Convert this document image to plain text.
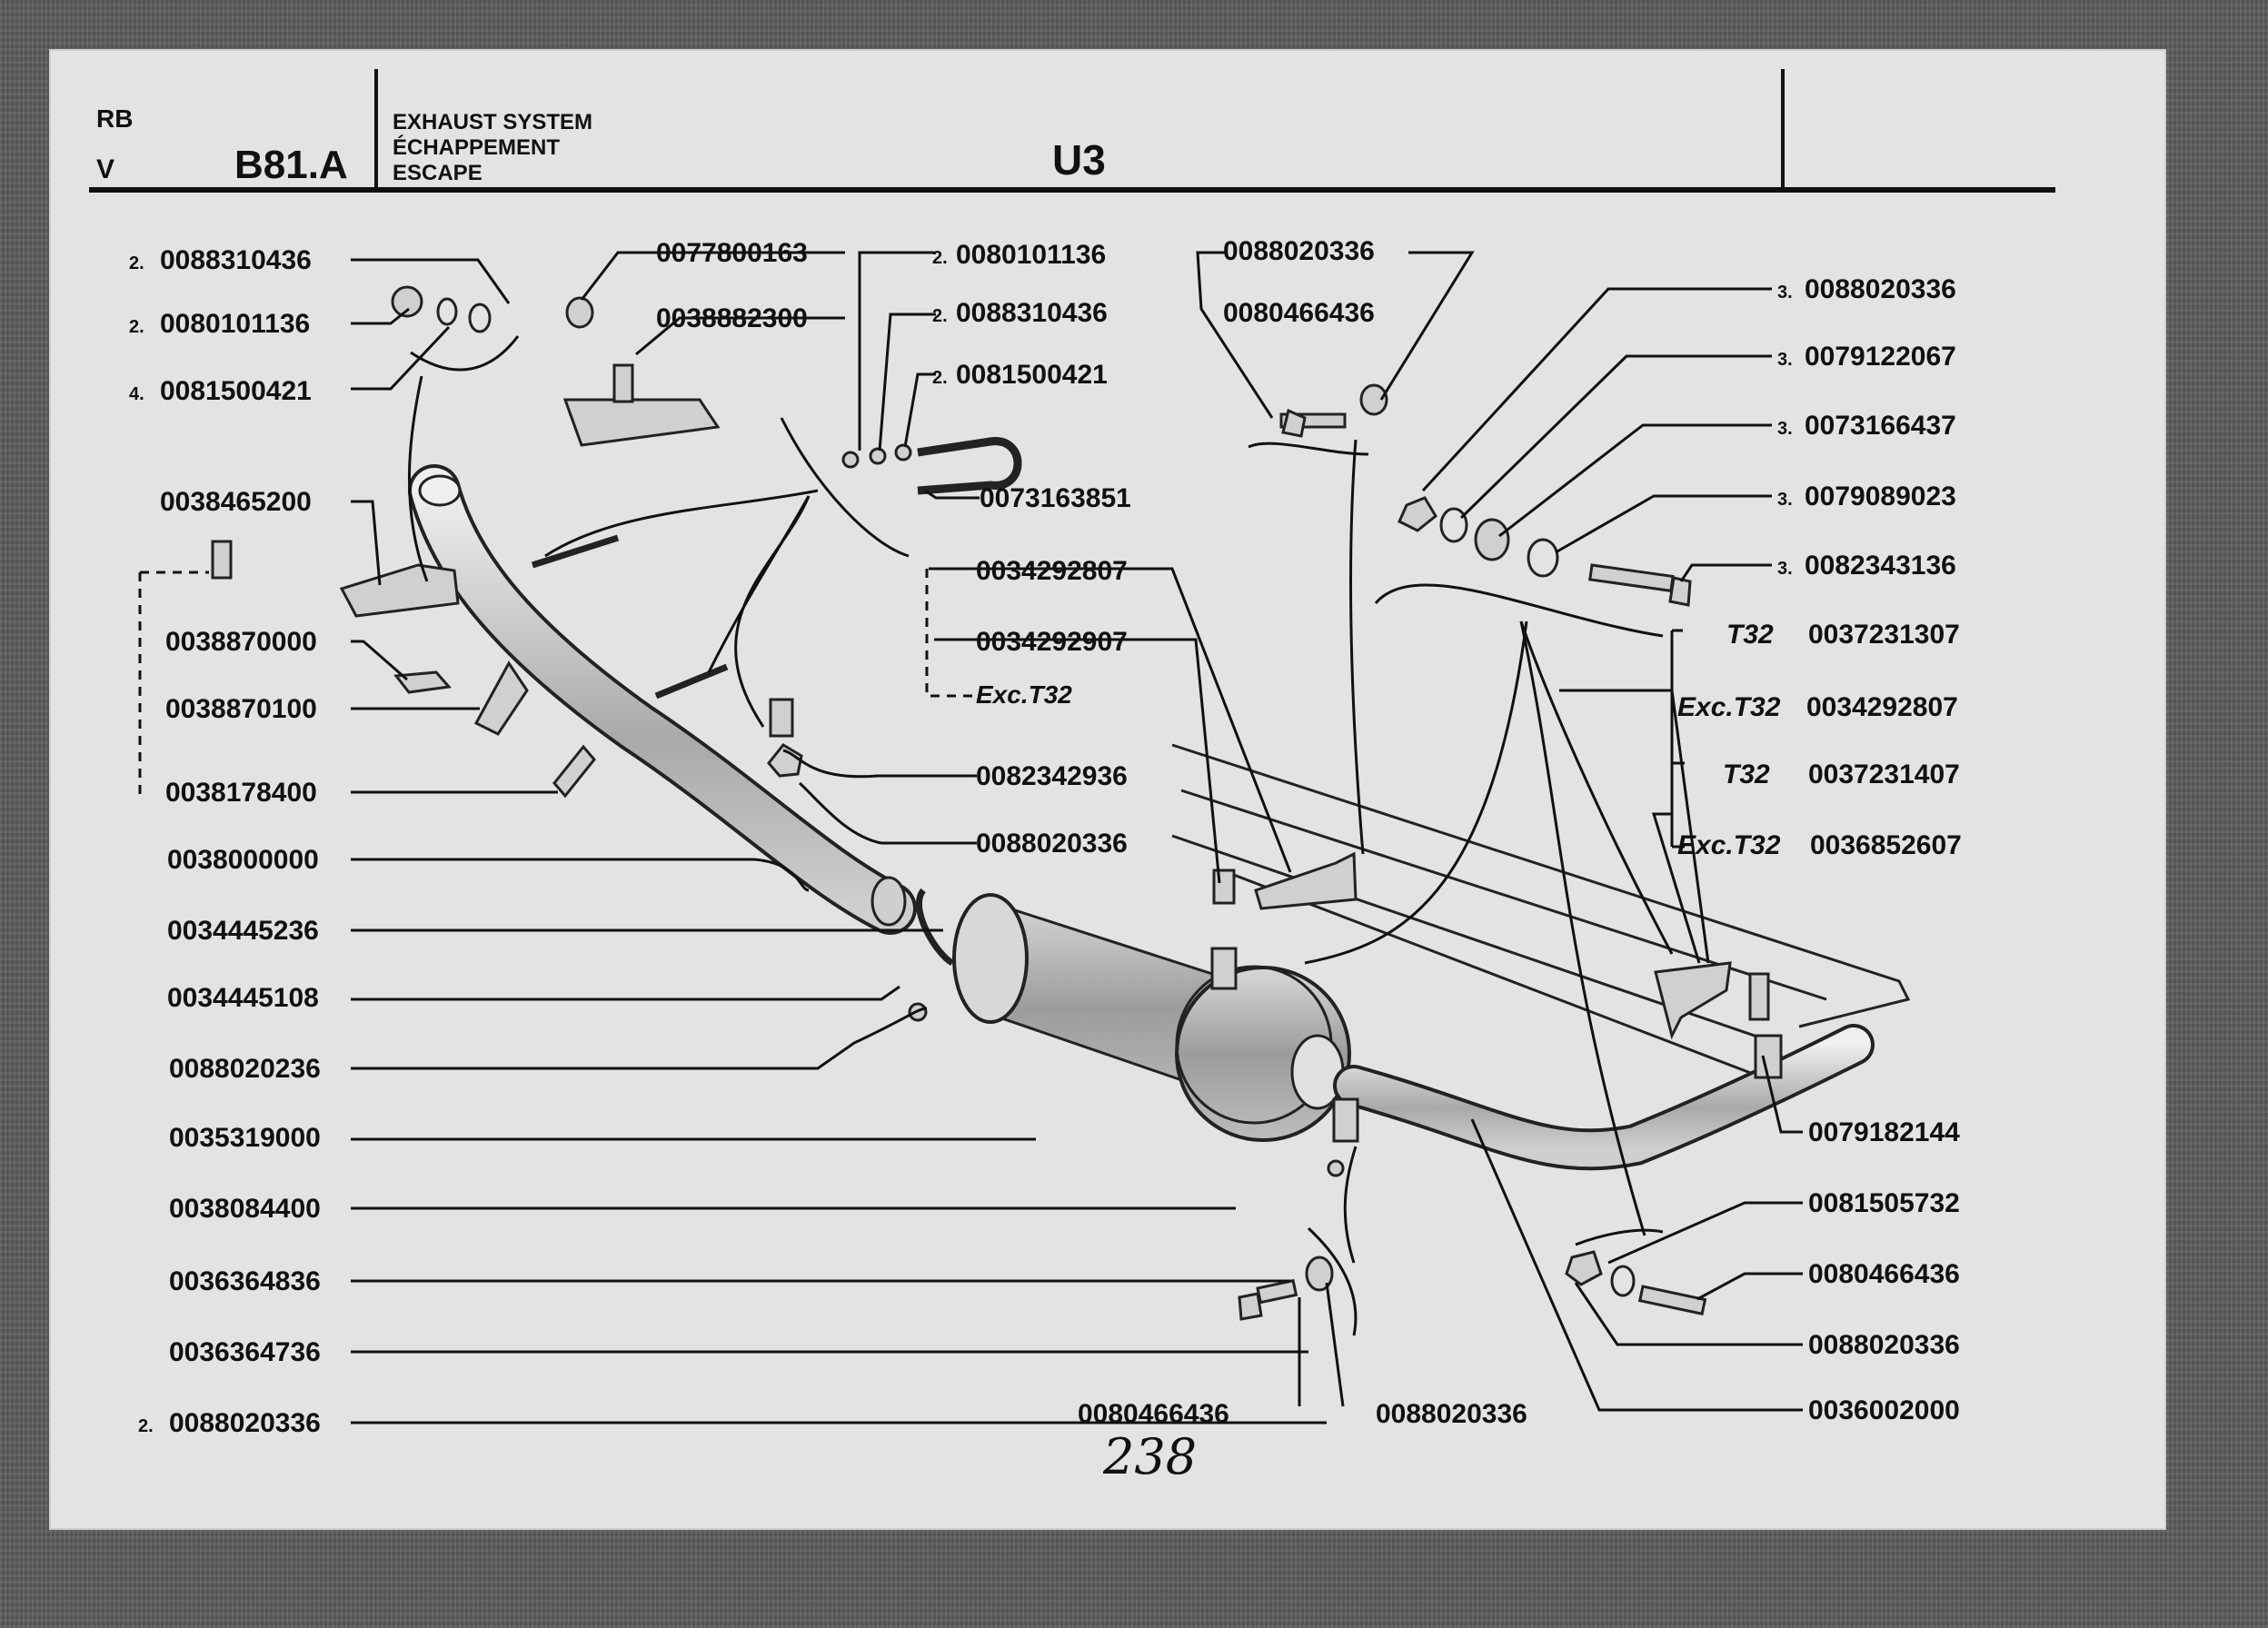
RB
V	B81.A
EXHAUST SYSTEM
ÉCHAPPEMENT
ESCAPE	U3
2. 0088310436
2. 0080101136
4. 0081500421
0038465200
0038870000
0038870100
0038178400
0038000000
0034445236
0034445108
0088020236
0035319000
0038084400
0036364836
0036364736
2. 0088020336
0077800163
0038882300
2. 0080101136
2. 0088310436
2. 0081500421
0073163851
0088020336
0080466436
0034292807
0034292907
Exc.T32
0082342936
0088020336
3. 0088020336
3. 0079122067
3. 0073166437
3. 0079089023
3. 0082343136
T32 0037231307
Exc.T32 0034292807
T32 0037231407
Exc.T32 0036852607
0079182144
0081505732
0080466436
0088020336
0036002000
0080466436	0088020336
238
